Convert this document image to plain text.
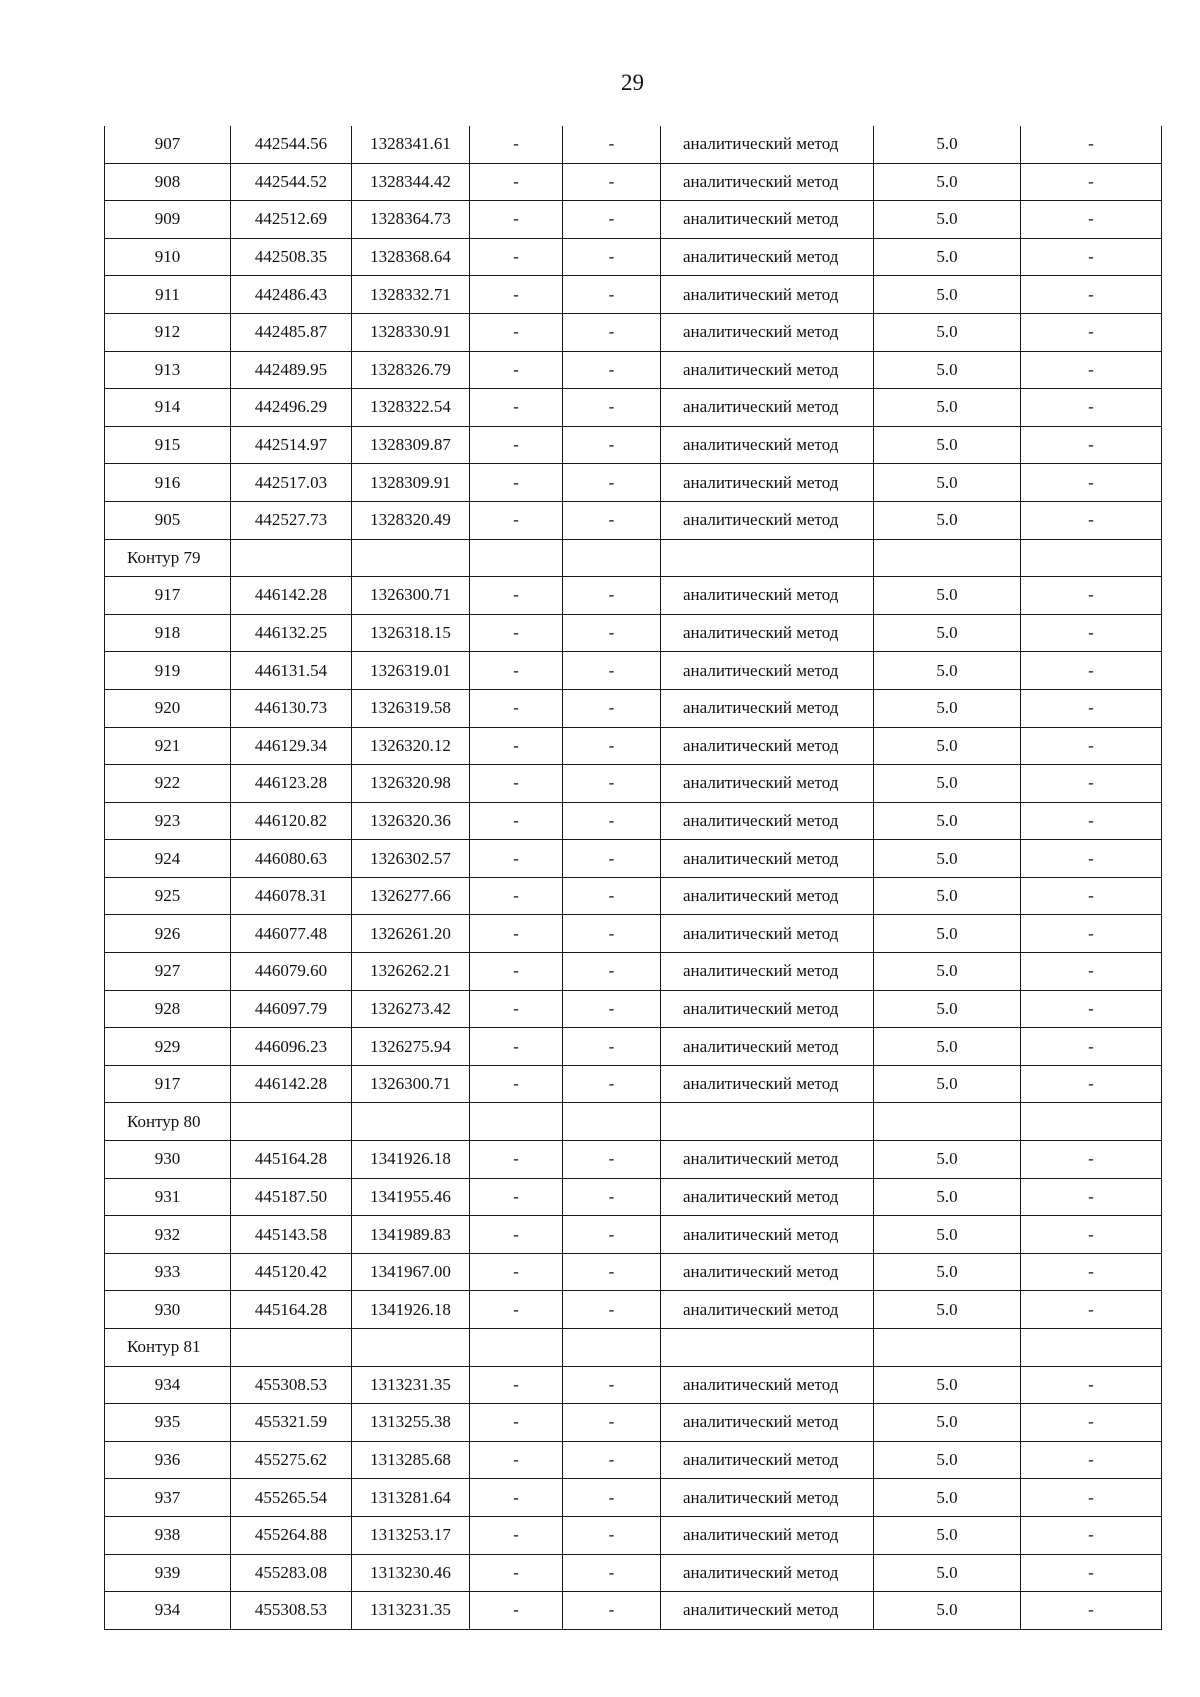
29
907	442544.56	1328341.61	-	-	аналитический метод	5.0	-
908	442544.52	1328344.42	-	-	аналитический метод	5.0	-
909	442512.69	1328364.73	-	-	аналитический метод	5.0	-
910	442508.35	1328368.64	-	-	аналитический метод	5.0	-
911	442486.43	1328332.71	-	-	аналитический метод	5.0	-
912	442485.87	1328330.91	-	-	аналитический метод	5.0	-
913	442489.95	1328326.79	-	-	аналитический метод	5.0	-
914	442496.29	1328322.54	-	-	аналитический метод	5.0	-
915	442514.97	1328309.87	-	-	аналитический метод	5.0	-
916	442517.03	1328309.91	-	-	аналитический метод	5.0	-
905	442527.73	1328320.49	-	-	аналитический метод	5.0	-
Контур 79							
917	446142.28	1326300.71	-	-	аналитический метод	5.0	-
918	446132.25	1326318.15	-	-	аналитический метод	5.0	-
919	446131.54	1326319.01	-	-	аналитический метод	5.0	-
920	446130.73	1326319.58	-	-	аналитический метод	5.0	-
921	446129.34	1326320.12	-	-	аналитический метод	5.0	-
922	446123.28	1326320.98	-	-	аналитический метод	5.0	-
923	446120.82	1326320.36	-	-	аналитический метод	5.0	-
924	446080.63	1326302.57	-	-	аналитический метод	5.0	-
925	446078.31	1326277.66	-	-	аналитический метод	5.0	-
926	446077.48	1326261.20	-	-	аналитический метод	5.0	-
927	446079.60	1326262.21	-	-	аналитический метод	5.0	-
928	446097.79	1326273.42	-	-	аналитический метод	5.0	-
929	446096.23	1326275.94	-	-	аналитический метод	5.0	-
917	446142.28	1326300.71	-	-	аналитический метод	5.0	-
Контур 80							
930	445164.28	1341926.18	-	-	аналитический метод	5.0	-
931	445187.50	1341955.46	-	-	аналитический метод	5.0	-
932	445143.58	1341989.83	-	-	аналитический метод	5.0	-
933	445120.42	1341967.00	-	-	аналитический метод	5.0	-
930	445164.28	1341926.18	-	-	аналитический метод	5.0	-
Контур 81							
934	455308.53	1313231.35	-	-	аналитический метод	5.0	-
935	455321.59	1313255.38	-	-	аналитический метод	5.0	-
936	455275.62	1313285.68	-	-	аналитический метод	5.0	-
937	455265.54	1313281.64	-	-	аналитический метод	5.0	-
938	455264.88	1313253.17	-	-	аналитический метод	5.0	-
939	455283.08	1313230.46	-	-	аналитический метод	5.0	-
934	455308.53	1313231.35	-	-	аналитический метод	5.0	-
